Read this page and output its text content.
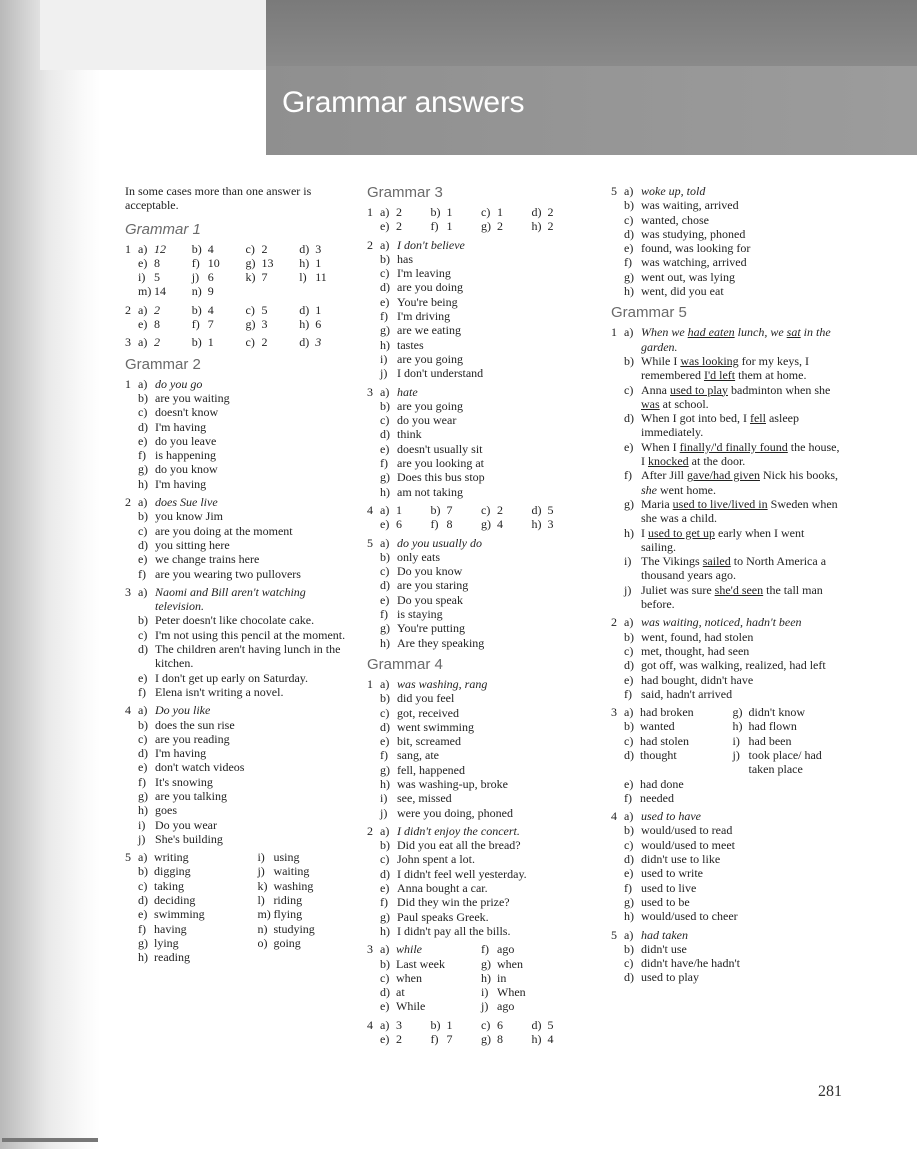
Grammar answers
In some cases more than one answer is acceptable.
Grammar 1
1 a) 12 b) 4	c) 2	d) 3
e) 8	f) 10 g) 13 h) 1
i) 5	j) 6	k) 7	l) 11
m) 14 n) 9
2 a) 2	b) 4	c) 5	d) 1
e) 8	f) 7	g) 3	h) 6
3 a) 2	b) 1	c) 2	d) 3
Grammar 2
1 a) do you go
b) are you waiting
c) doesn't know
d) I'm having
e) do you leave
f) is happening
g) do you know
h) I'm having
2 a) does Sue live
b) you know Jim
c) are you doing at the moment
d) you sitting here
e) we change trains here
f) are you wearing two pullovers
3 a) Naomi and Bill aren't watching television.
b) Peter doesn't like chocolate cake.
c) I'm not using this pencil at the moment.
d) The children aren't having lunch in the kitchen.
e) I don't get up early on Saturday.
f) Elena isn't writing a novel.
4 a) Do you like
b) does the sun rise
c) are you reading
d) I'm having
e) don't watch videos
f) It's snowing
g) are you talking
h) goes
i) Do you wear
j) She's building
5 a) writing	i) using
b) digging	j) waiting
c) taking	k) washing
d) deciding	l) riding
e) swimming	m) flying
f) having	n) studying
g) lying	o) going
h) reading
Grammar 3
1 a) 2 b) 1 c) 1 d) 2
e) 2 f) 1 g) 2 h) 2
2 a) I don't believe
b) has
c) I'm leaving
d) are you doing
e) You're being
f) I'm driving
g) are we eating
h) tastes
i) are you going
j) I don't understand
3 a) hate
b) are you going
c) do you wear
d) think
e) doesn't usually sit
f) are you looking at
g) Does this bus stop
h) am not taking
4 a) 1 b) 7 c) 2 d) 5
e) 6 f) 8 g) 4 h) 3
5 a) do you usually do
b) only eats
c) Do you know
d) are you staring
e) Do you speak
f) is staying
g) You're putting
h) Are they speaking
Grammar 4
1 a) was washing, rang
b) did you feel
c) got, received
d) went swimming
e) bit, screamed
f) sang, ate
g) fell, happened
h) was washing-up, broke
i) see, missed
j) were you doing, phoned
2 a) I didn't enjoy the concert.
b) Did you eat all the bread?
c) John spent a lot.
d) I didn't feel well yesterday.
e) Anna bought a car.
f) Did they win the prize?
g) Paul speaks Greek.
h) I didn't pay all the bills.
3 a) while	f) ago
b) Last week	g) when
c) when	h) in
d) at	i) When
e) While	j) ago
4 a) 3 b) 1 c) 6 d) 5
e) 2 f) 7 g) 8 h) 4
5 a) woke up, told
b) was waiting, arrived
c) wanted, chose
d) was studying, phoned
e) found, was looking for
f) was watching, arrived
g) went out, was lying
h) went, did you eat
Grammar 5
1 a) When we had eaten lunch, we sat in the garden.
b) While I was looking for my keys, I remembered I'd left them at home.
c) Anna used to play badminton when she was at school.
d) When I got into bed, I fell asleep immediately.
e) When I finally/'d finally found the house, I knocked at the door.
f) After Jill gave/had given Nick his books, she went home.
g) Maria used to live/lived in Sweden when she was a child.
h) I used to get up early when I went sailing.
i) The Vikings sailed to North America a thousand years ago.
j) Juliet was sure she'd seen the tall man before.
2 a) was waiting, noticed, hadn't been
b) went, found, had stolen
c) met, thought, had seen
d) got off, was walking, realized, had left
e) had bought, didn't have
f) said, hadn't arrived
3 a) had broken	g) didn't know
b) wanted	h) had flown
c) had stolen	i) had been
d) thought	j) took place/ had taken place
e) had done
f) needed
4 a) used to have
b) would/used to read
c) would/used to meet
d) didn't use to like
e) used to write
f) used to live
g) used to be
h) would/used to cheer
5 a) had taken
b) didn't use
c) didn't have/he hadn't
d) used to play
281
